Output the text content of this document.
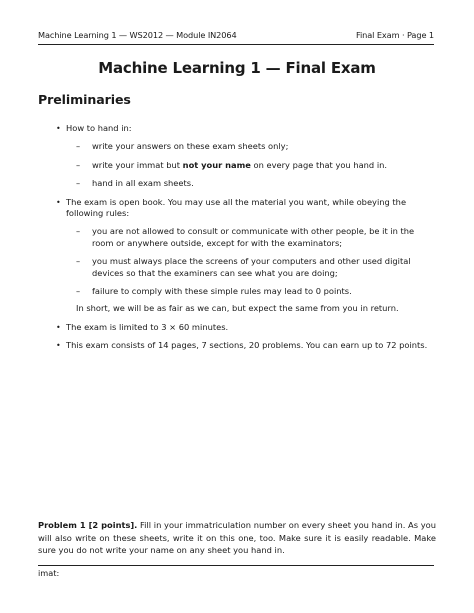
Machine Learning 1 — WS2012 — Module IN2064	Final Exam · Page 1
Machine Learning 1 — Final Exam
Preliminaries
• How to hand in:
– write your answers on these exam sheets only;
– write your immat but not your name on every page that you hand in.
– hand in all exam sheets.
• The exam is open book. You may use all the material you want, while obeying the following rules:
– you are not allowed to consult or communicate with other people, be it in the room or anywhere outside, except for with the examinators;
– you must always place the screens of your computers and other used digital devices so that the examiners can see what you are doing;
– failure to comply with these simple rules may lead to 0 points.
In short, we will be as fair as we can, but expect the same from you in return.
• The exam is limited to 3 × 60 minutes.
• This exam consists of 14 pages, 7 sections, 20 problems. You can earn up to 72 points.
Problem 1 [2 points]. Fill in your immatriculation number on every sheet you hand in. As you will also write on these sheets, write it on this one, too. Make sure it is easily readable. Make sure you do not write your name on any sheet you hand in.
imat:
